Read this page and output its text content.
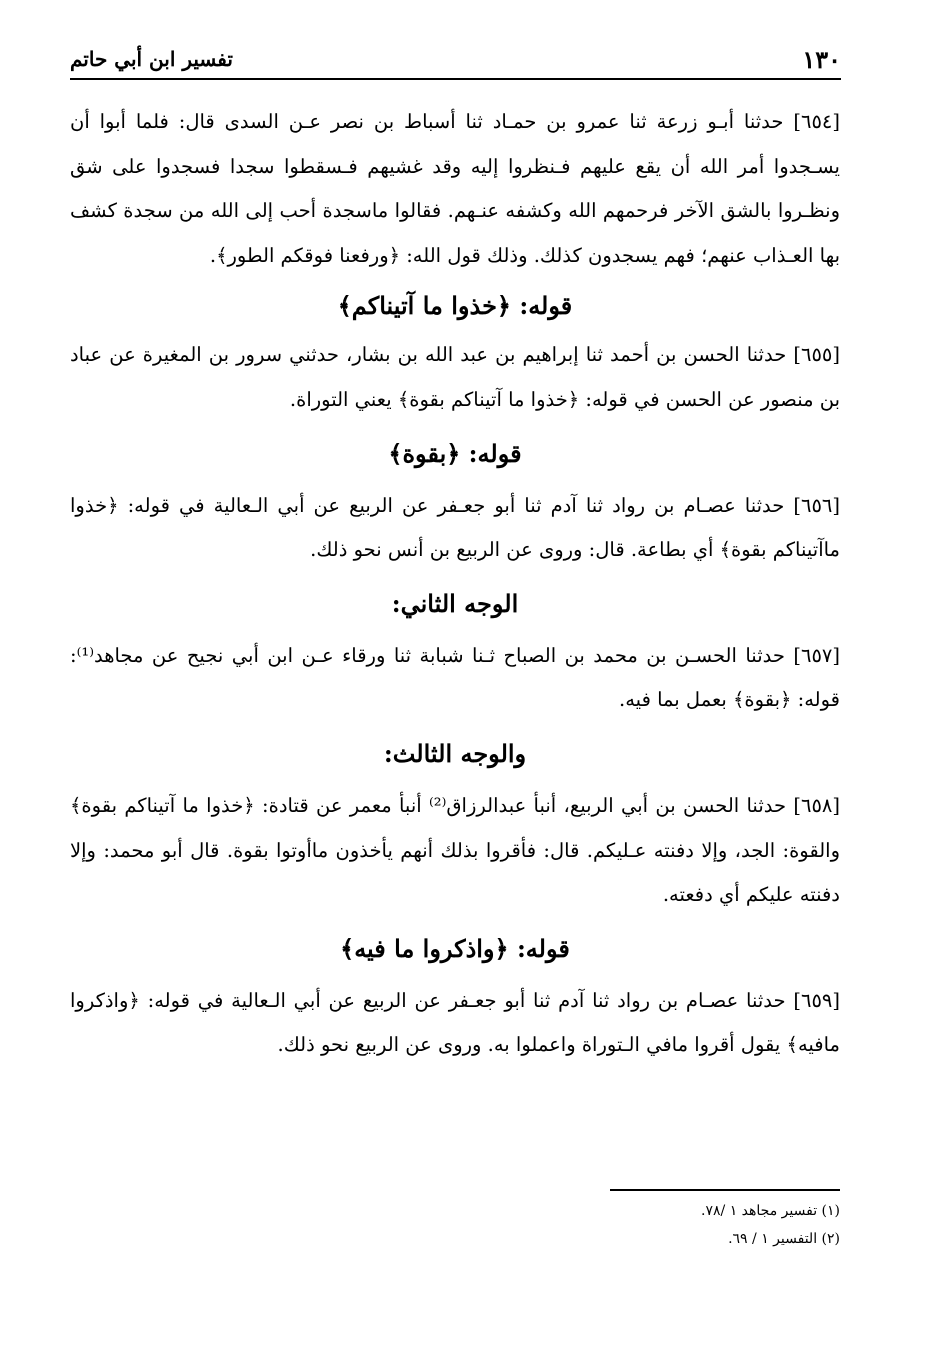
١٣٠
تفسير ابن أبي حاتم

[٦٥٤] حدثنا أبـو زرعة ثنا عمرو بن حمـاد ثنا أسباط بن نصر عـن السدى قال: فلما أبوا أن يسـجدوا أمر الله أن يقع عليهم فـنظروا إليه وقد غشيهم فـسقطوا سجدا فسجدوا على شق ونظـروا بالشق الآخر فرحمهم الله وكشفه عنـهم. فقالوا ماسجدة أحب إلى الله من سجدة كشف بها العـذاب عنهم؛ فهم يسجدون كذلك. وذلك قول الله: ﴿ورفعنا فوقكم الطور﴾.

قوله: ﴿خذوا ما آتيناكم﴾

[٦٥٥] حدثنا الحسن بن أحمد ثنا إبراهيم بن عبد الله بن بشار، حدثني سرور بن المغيرة عن عباد بن منصور عن الحسن في قوله: ﴿خذوا ما آتيناكم بقوة﴾ يعني التوراة.

قوله: ﴿بقوة﴾

[٦٥٦] حدثنا عصـام بن رواد ثنا آدم ثنا أبو جعـفر عن الربيع عن أبي الـعالية في قوله: ﴿خذوا ماآتيناكم بقوة﴾ أي بطاعة. قال: وروى عن الربيع بن أنس نحو ذلك.

الوجه الثاني:

[٦٥٧] حدثنا الحسـن بن محمد بن الصباح ثـنا شبابة ثنا ورقاء عـن ابن أبي نجيح عن مجاهد⁽¹⁾: قوله: ﴿بقوة﴾ بعمل بما فيه.

والوجه الثالث:

[٦٥٨] حدثنا الحسن بن أبي الربيع، أنبأ عبدالرزاق⁽²⁾ أنبأ معمر عن قتادة: ﴿خذوا ما آتيناكم بقوة﴾ والقوة: الجد، وإلا دفنته عـليكم. قال: فأقروا بذلك أنهم يأخذون ماأوتوا بقوة. قال أبو محمد: وإلا دفنته عليكم أي دفعته.

قوله: ﴿واذكروا ما فيه﴾

[٦٥٩] حدثنا عصـام بن رواد ثنا آدم ثنا أبو جعـفر عن الربيع عن أبي الـعالية في قوله: ﴿واذكروا مافيه﴾ يقول أقروا مافي الـتوراة واعملوا به. وروى عن الربيع نحو ذلك.

(١) تفسير مجاهد ١ /٧٨.

(٢) التفسير ١ / ٦٩.
